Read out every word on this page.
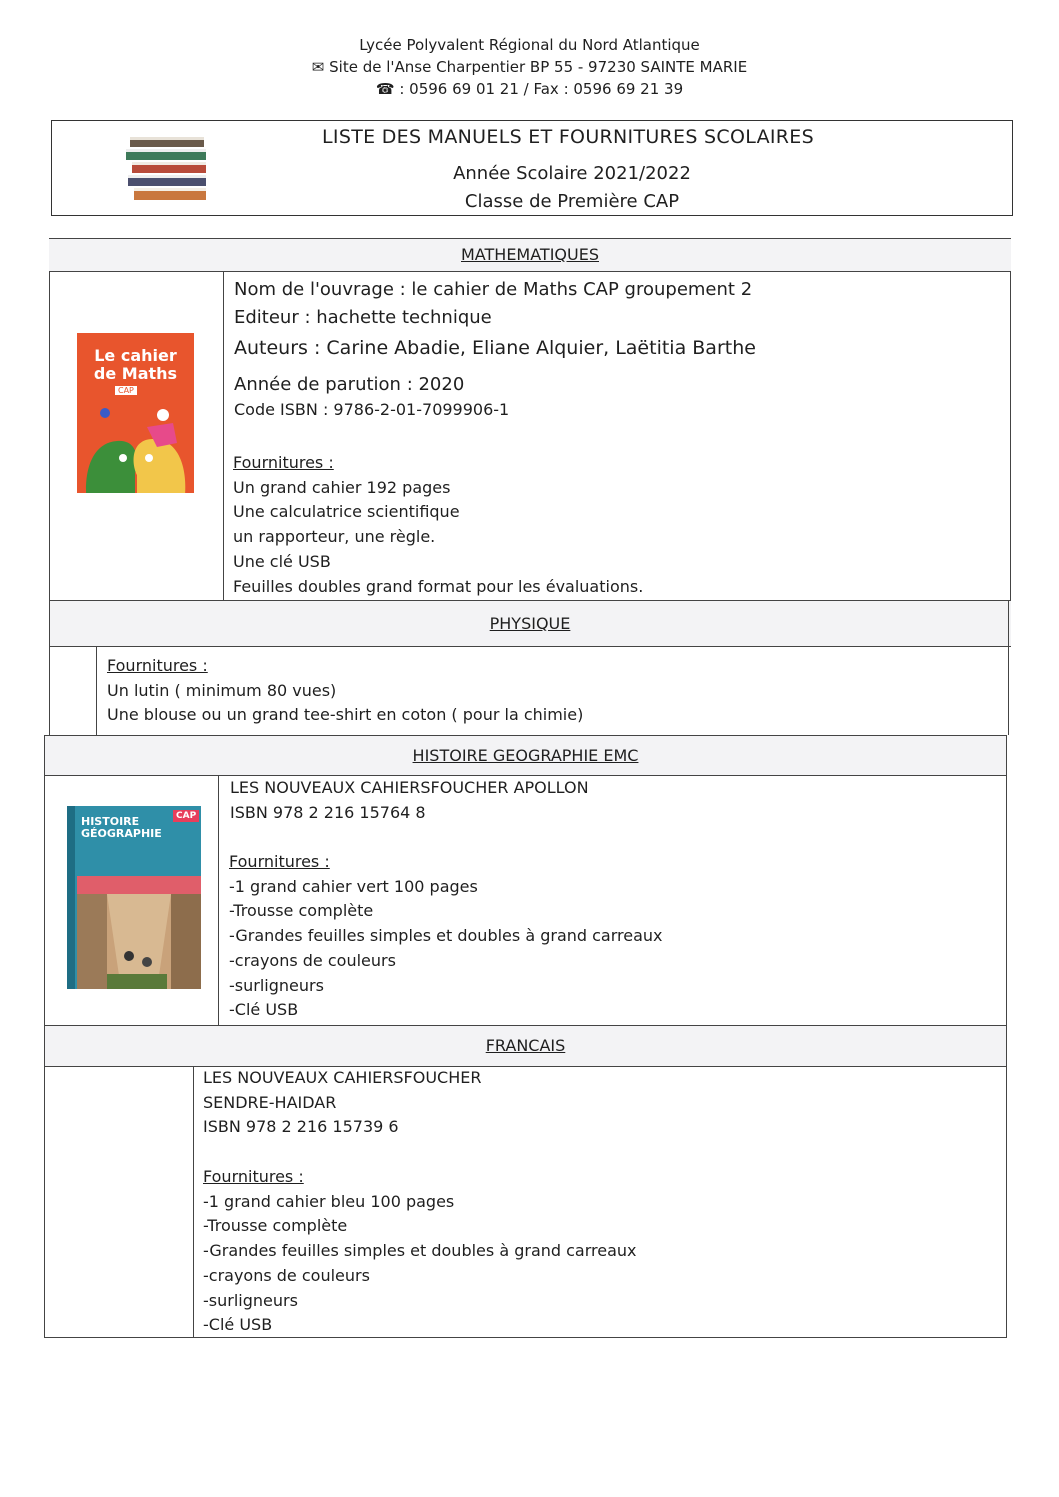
Lycée Polyvalent Régional du Nord Atlantique
✉ Site de l'Anse Charpentier BP 55 - 97230 SAINTE MARIE
☎ : 0596 69 01 21 / Fax : 0596 69 21 39
LISTE DES MANUELS ET FOURNITURES SCOLAIRES
Année Scolaire 2021/2022
Classe de Première CAP
MATHEMATIQUES
Le cahier
de Maths
CAP
Nom de l'ouvrage : le cahier de Maths CAP groupement 2
Editeur : hachette technique
Auteurs : Carine Abadie, Eliane Alquier, Laëtitia Barthe
Année de parution : 2020
Code ISBN : 9786-2-01-7099906-1
Fournitures :
Un grand cahier 192 pages
Une calculatrice scientifique
un rapporteur, une règle.
Une clé USB
Feuilles doubles grand format pour les évaluations.
PHYSIQUE
Fournitures :
Un lutin ( minimum 80 vues)
Une blouse ou un grand tee-shirt en coton ( pour la chimie)
HISTOIRE GEOGRAPHIE EMC
HISTOIRE
GÉOGRAPHIE
CAP
LES NOUVEAUX CAHIERSFOUCHER APOLLON
ISBN 978 2 216 15764 8
Fournitures :
-1 grand cahier vert 100 pages
-Trousse complète
-Grandes feuilles simples et doubles à grand carreaux
-crayons de couleurs
-surligneurs
-Clé USB
FRANCAIS
LES NOUVEAUX CAHIERSFOUCHER
SENDRE-HAIDAR
ISBN 978 2 216 15739 6
Fournitures :
-1 grand cahier bleu 100 pages
-Trousse complète
-Grandes feuilles simples et doubles à grand carreaux
-crayons de couleurs
-surligneurs
-Clé USB
